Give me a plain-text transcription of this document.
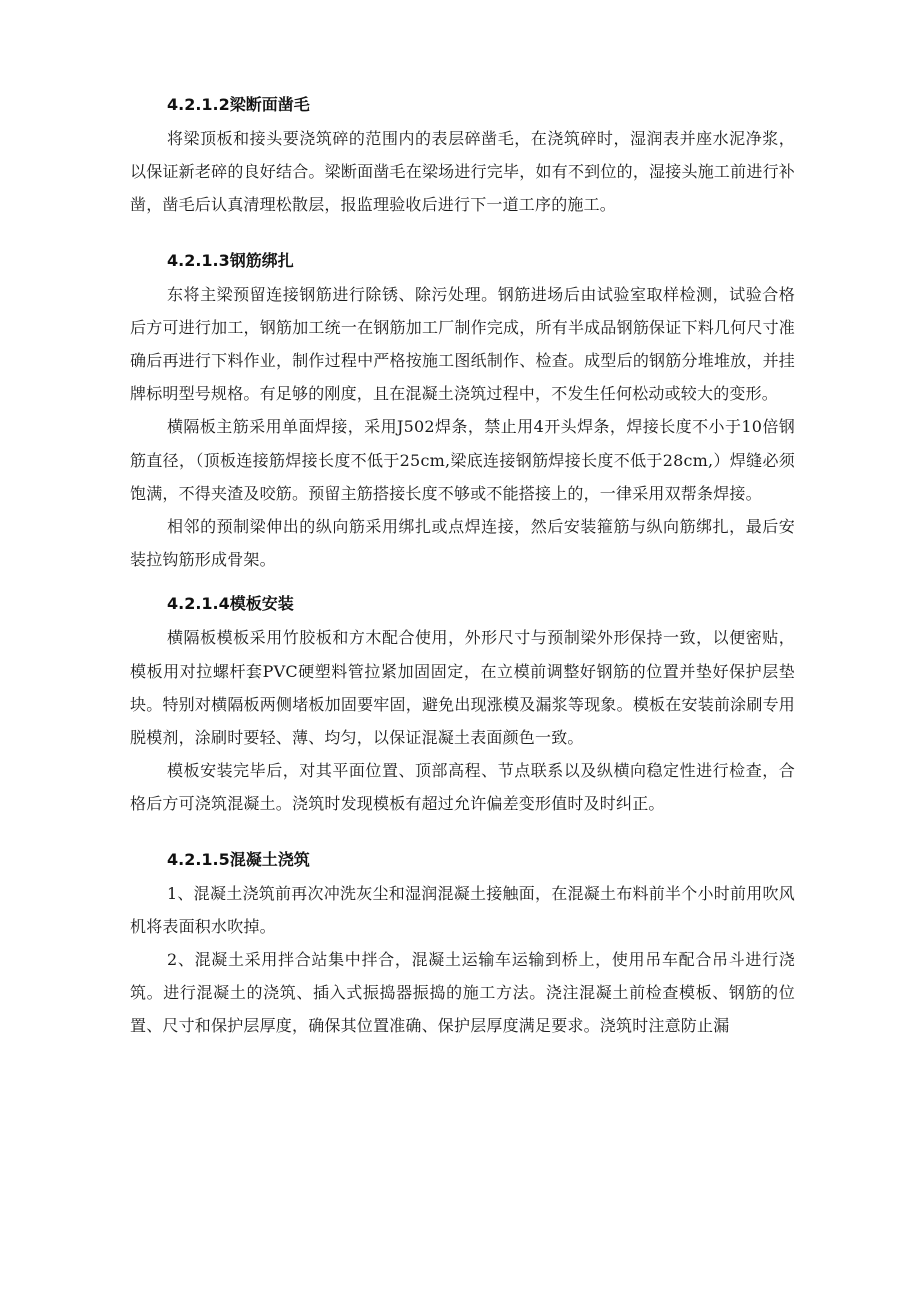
4.2.1.2梁断面凿毛

将梁顶板和接头要浇筑碎的范围内的表层碎凿毛，在浇筑碎时，湿润表并座水泥净浆，以保证新老碎的良好结合。梁断面凿毛在梁场进行完毕，如有不到位的，湿接头施工前进行补凿，凿毛后认真清理松散层，报监理验收后进行下一道工序的施工。

4.2.1.3钢筋绑扎

东将主梁预留连接钢筋进行除锈、除污处理。钢筋进场后由试验室取样检测，试验合格后方可进行加工，钢筋加工统一在钢筋加工厂制作完成，所有半成品钢筋保证下料几何尺寸准确后再进行下料作业，制作过程中严格按施工图纸制作、检查。成型后的钢筋分堆堆放，并挂牌标明型号规格。有足够的刚度，且在混凝土浇筑过程中，不发生任何松动或较大的变形。

横隔板主筋采用单面焊接，采用J502焊条，禁止用4开头焊条，焊接长度不小于10倍钢筋直径，（顶板连接筋焊接长度不低于25cm,梁底连接钢筋焊接长度不低于28cm,）焊缝必须饱满，不得夹渣及咬筋。预留主筋搭接长度不够或不能搭接上的，一律采用双帮条焊接。

相邻的预制梁伸出的纵向筋采用绑扎或点焊连接，然后安装箍筋与纵向筋绑扎，最后安装拉钩筋形成骨架。

4.2.1.4模板安装

横隔板模板采用竹胶板和方木配合使用，外形尺寸与预制梁外形保持一致，以便密贴，模板用对拉螺杆套PVC硬塑料管拉紧加固固定，在立模前调整好钢筋的位置并垫好保护层垫块。特别对横隔板两侧堵板加固要牢固，避免出现涨模及漏浆等现象。模板在安装前涂刷专用脱模剂，涂刷时要轻、薄、均匀，以保证混凝土表面颜色一致。

模板安装完毕后，对其平面位置、顶部高程、节点联系以及纵横向稳定性进行检查，合格后方可浇筑混凝土。浇筑时发现模板有超过允许偏差变形值时及时纠正。

4.2.1.5混凝土浇筑

1、混凝土浇筑前再次冲洗灰尘和湿润混凝土接触面，在混凝土布料前半个小时前用吹风机将表面积水吹掉。

2、混凝土采用拌合站集中拌合，混凝土运输车运输到桥上，使用吊车配合吊斗进行浇筑。进行混凝土的浇筑、插入式振捣器振捣的施工方法。浇注混凝土前检查模板、钢筋的位置、尺寸和保护层厚度，确保其位置准确、保护层厚度满足要求。浇筑时注意防止漏
